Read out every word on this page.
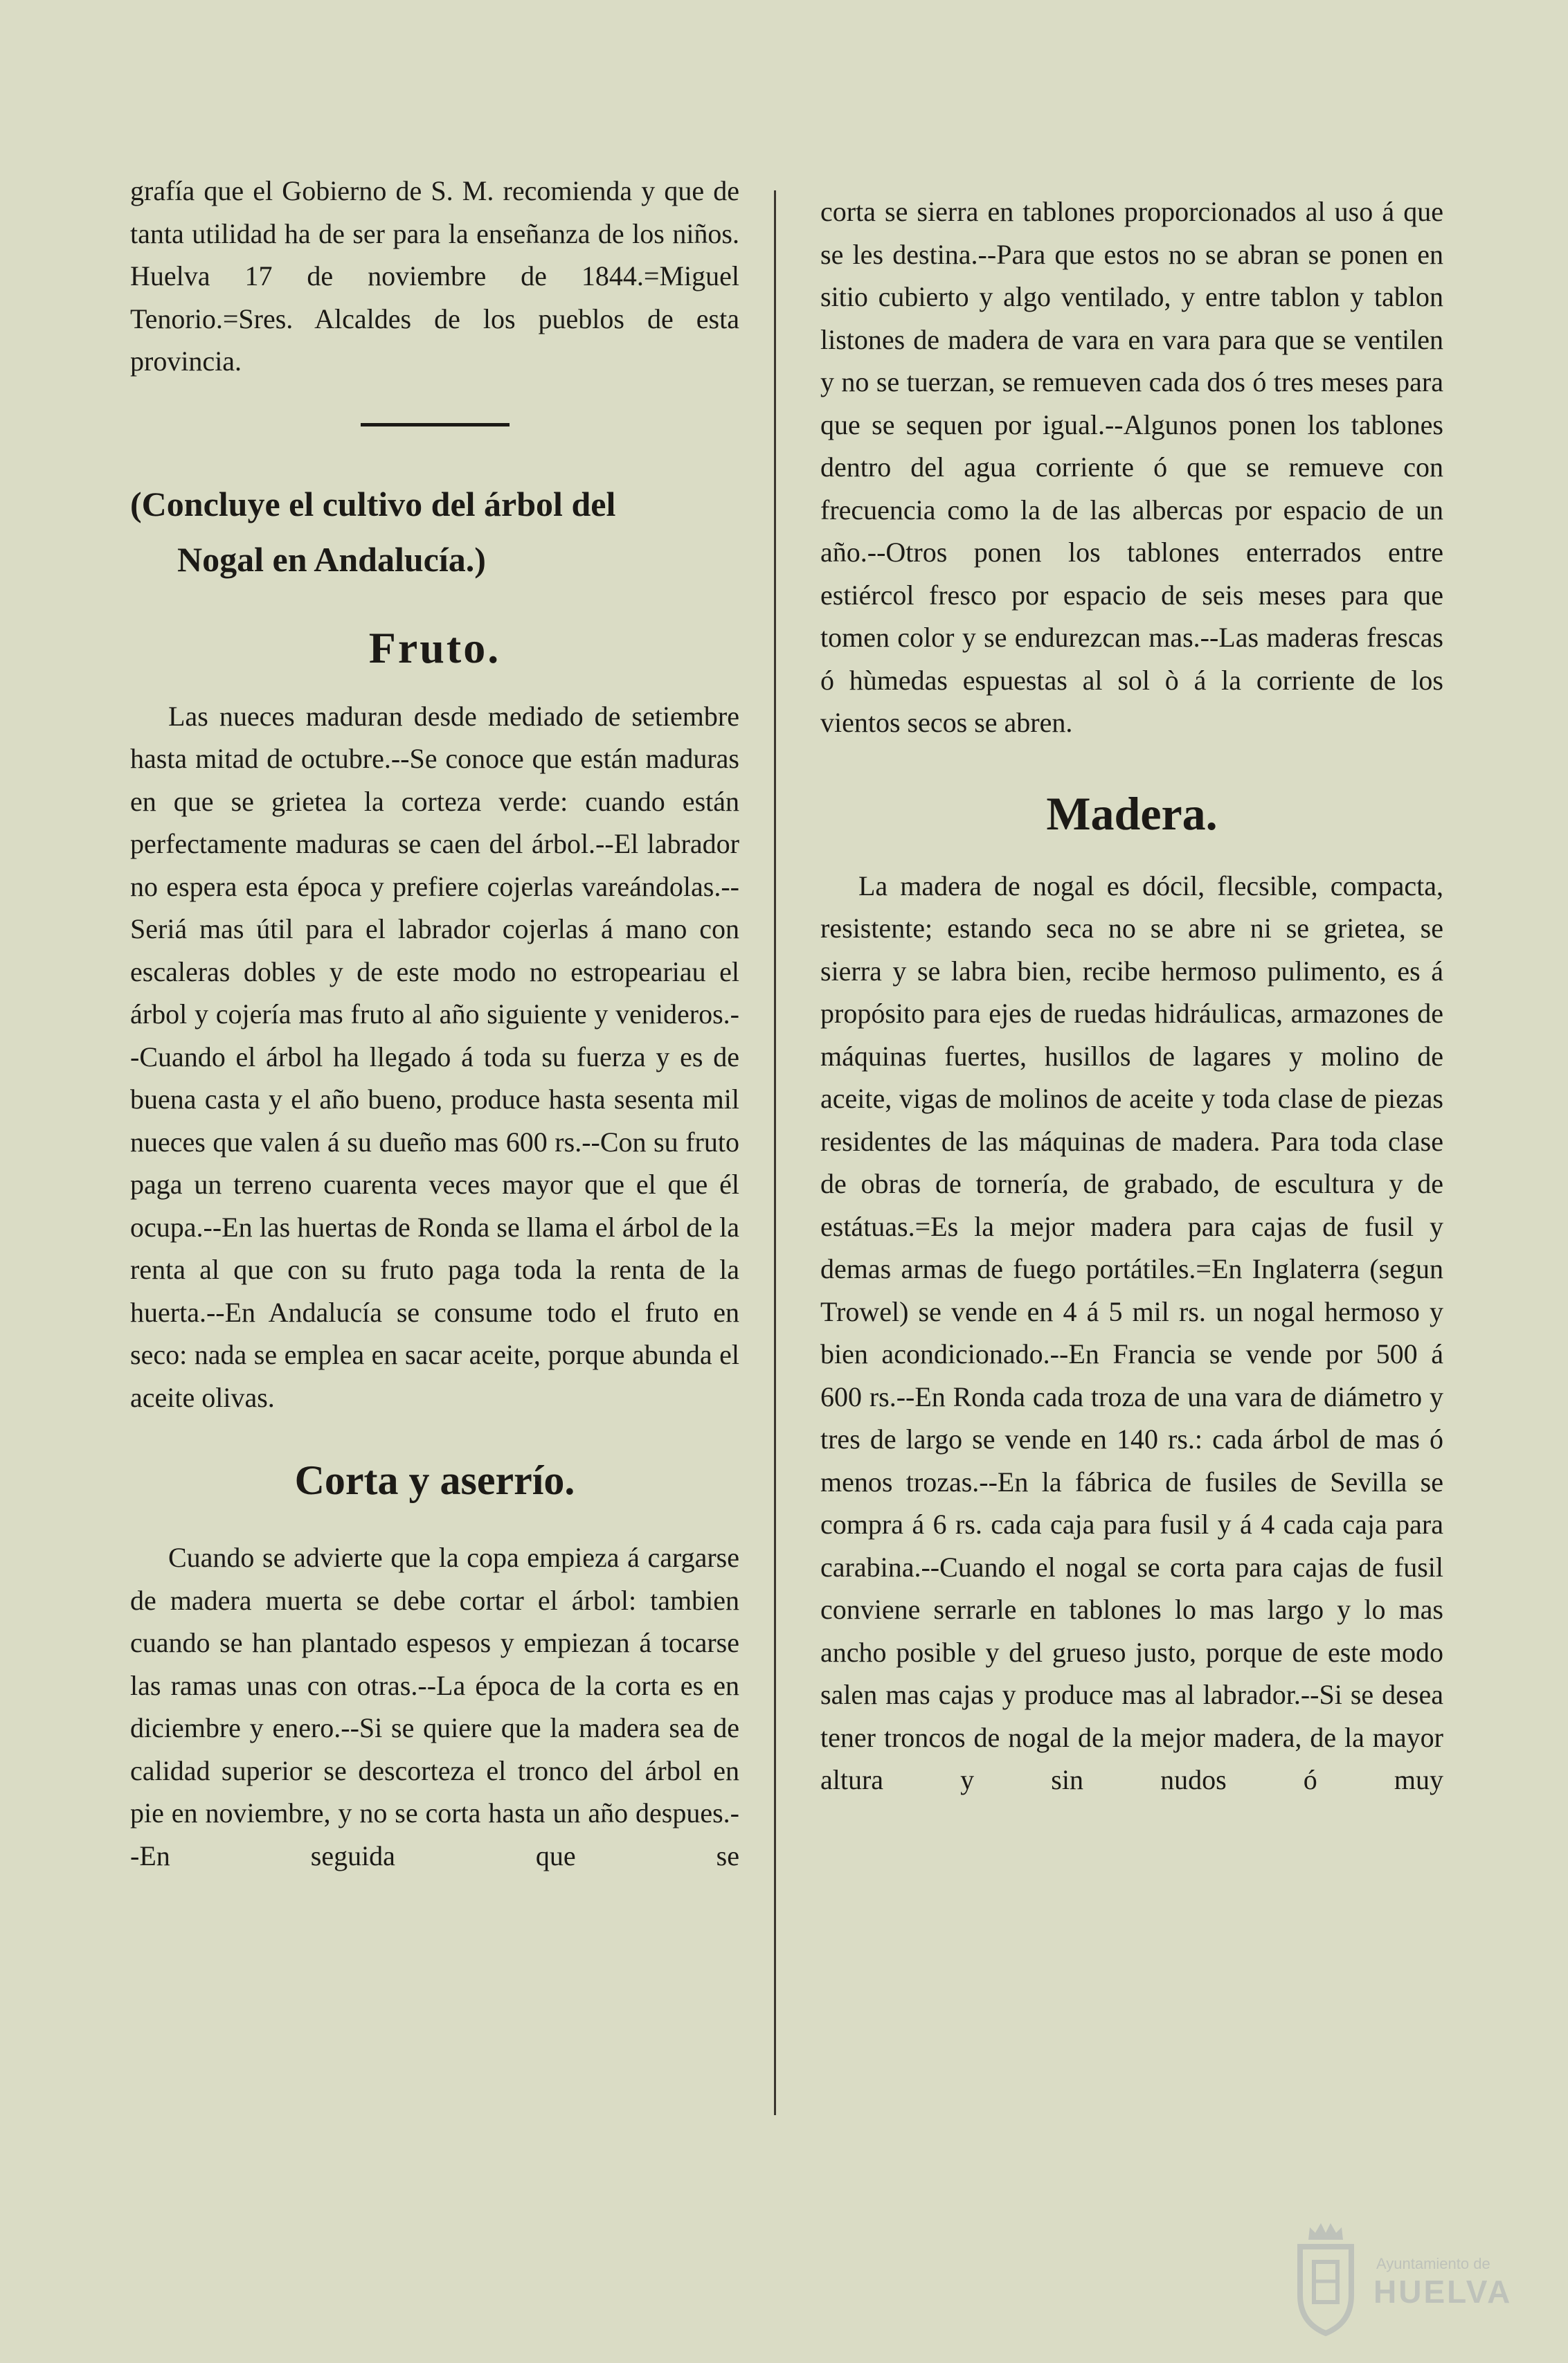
grafía que el Gobierno de S. M. recomienda y que de tanta utilidad ha de ser para la enseñanza de los niños. Huelva 17 de noviembre de 1844.=Miguel Tenorio.=Sres. Alcaldes de los pueblos de esta provincia.

(Concluye el cultivo del árbol del
Nogal en Andalucía.)
Fruto.

Las nueces maduran desde mediado de setiembre hasta mitad de octubre.--Se conoce que están maduras en que se grietea la corteza verde: cuando están perfectamente maduras se caen del árbol.--El labrador no espera esta época y prefiere cojerlas vareándolas.--Seriá mas útil para el labrador cojerlas á mano con escaleras dobles y de este modo no estropeariau el árbol y cojería mas fruto al año siguiente y venideros.--Cuando el árbol ha llegado á toda su fuerza y es de buena casta y el año bueno, produce hasta sesenta mil nueces que valen á su dueño mas 600 rs.--Con su fruto paga un terreno cuarenta veces mayor que el que él ocupa.--En las huertas de Ronda se llama el árbol de la renta al que con su fruto paga toda la renta de la huerta.--En Andalucía se consume todo el fruto en seco: nada se emplea en sacar aceite, porque abunda el aceite olivas.

Corta y aserrío.

Cuando se advierte que la copa empieza á cargarse de madera muerta se debe cortar el árbol: tambien cuando se han plantado espesos y empiezan á tocarse las ramas unas con otras.--La época de la corta es en diciembre y enero.--Si se quiere que la madera sea de calidad superior se descorteza el tronco del árbol en pie en noviembre, y no se corta hasta un año despues.--En seguida que se

corta se sierra en tablones proporcionados al uso á que se les destina.--Para que estos no se abran se ponen en sitio cubierto y algo ventilado, y entre tablon y tablon listones de madera de vara en vara para que se ventilen y no se tuerzan, se remueven cada dos ó tres meses para que se sequen por igual.--Algunos ponen los tablones dentro del agua corriente ó que se remueve con frecuencia como la de las albercas por espacio de un año.--Otros ponen los tablones enterrados entre estiércol fresco por espacio de seis meses para que tomen color y se endurezcan mas.--Las maderas frescas ó hùmedas espuestas al sol ò á la corriente de los vientos secos se abren.

Madera.

La madera de nogal es dócil, flecsible, compacta, resistente; estando seca no se abre ni se grietea, se sierra y se labra bien, recibe hermoso pulimento, es á propósito para ejes de ruedas hidráulicas, armazones de máquinas fuertes, husillos de lagares y molino de aceite, vigas de molinos de aceite y toda clase de piezas residentes de las máquinas de madera. Para toda clase de obras de tornería, de grabado, de escultura y de estátuas.=Es la mejor madera para cajas de fusil y demas armas de fuego portátiles.=En Inglaterra (segun Trowel) se vende en 4 á 5 mil rs. un nogal hermoso y bien acondicionado.--En Francia se vende por 500 á 600 rs.--En Ronda cada troza de una vara de diámetro y tres de largo se vende en 140 rs.: cada árbol de mas ó menos trozas.--En la fábrica de fusiles de Sevilla se compra á 6 rs. cada caja para fusil y á 4 cada caja para carabina.--Cuando el nogal se corta para cajas de fusil conviene serrarle en tablones lo mas largo y lo mas ancho posible y del grueso justo, porque de este modo salen mas cajas y produce mas al labrador.--Si se desea tener troncos de nogal de la mejor madera, de la mayor altura y sin nudos ó muy

Ayuntamiento de
HUELVA
